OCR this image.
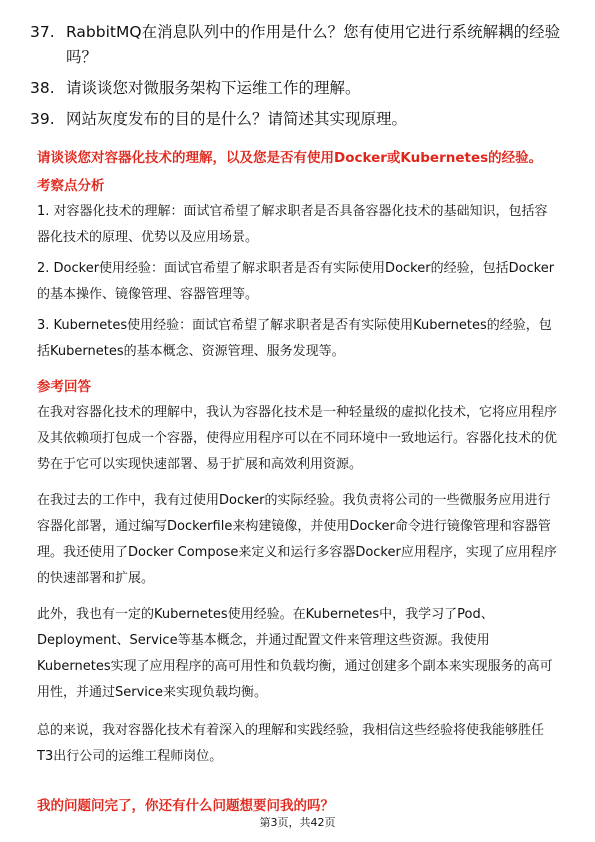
37. RabbitMQ在消息队列中的作用是什么？您有使用它进行系统解耦的经验吗？
38. 请谈谈您对微服务架构下运维工作的理解。
39. 网站灰度发布的目的是什么？请简述其实现原理。
请谈谈您对容器化技术的理解，以及您是否有使用Docker或Kubernetes的经验。
考察点分析
1. 对容器化技术的理解：面试官希望了解求职者是否具备容器化技术的基础知识，包括容器化技术的原理、优势以及应用场景。
2. Docker使用经验：面试官希望了解求职者是否有实际使用Docker的经验，包括Docker的基本操作、镜像管理、容器管理等。
3. Kubernetes使用经验：面试官希望了解求职者是否有实际使用Kubernetes的经验，包括Kubernetes的基本概念、资源管理、服务发现等。
参考回答
在我对容器化技术的理解中，我认为容器化技术是一种轻量级的虚拟化技术，它将应用程序及其依赖项打包成一个容器，使得应用程序可以在不同环境中一致地运行。容器化技术的优势在于它可以实现快速部署、易于扩展和高效利用资源。
在我过去的工作中，我有过使用Docker的实际经验。我负责将公司的一些微服务应用进行容器化部署，通过编写Dockerfile来构建镜像，并使用Docker命令进行镜像管理和容器管理。我还使用了Docker Compose来定义和运行多容器Docker应用程序，实现了应用程序的快速部署和扩展。
此外，我也有一定的Kubernetes使用经验。在Kubernetes中，我学习了Pod、Deployment、Service等基本概念，并通过配置文件来管理这些资源。我使用Kubernetes实现了应用程序的高可用性和负载均衡，通过创建多个副本来实现服务的高可用性，并通过Service来实现负载均衡。
总的来说，我对容器化技术有着深入的理解和实践经验，我相信这些经验将使我能够胜任T3出行公司的运维工程师岗位。
我的问题问完了，你还有什么问题想要问我的吗？
第3页，共42页
